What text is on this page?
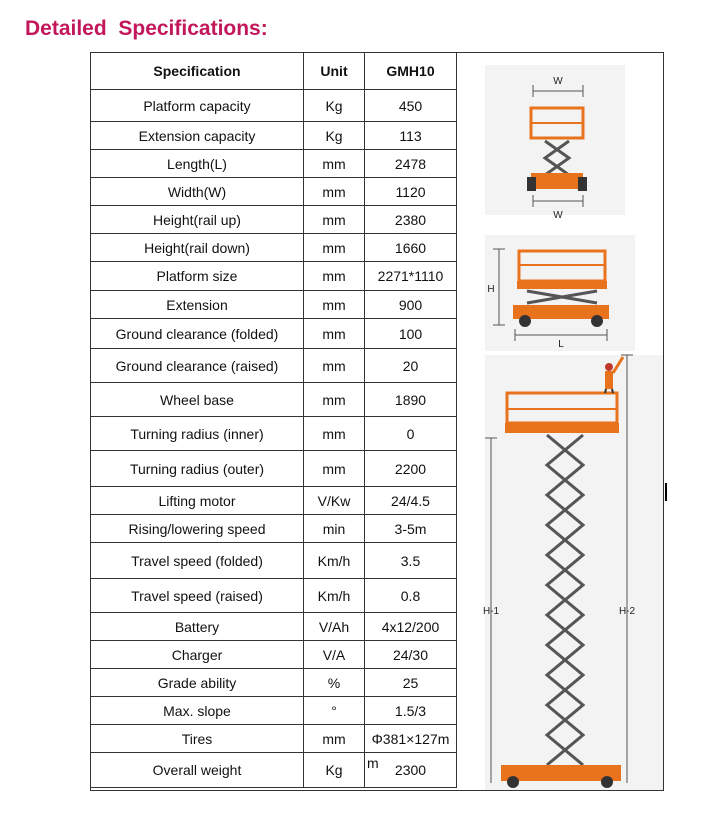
Detailed  Specifications:
Specification	Unit	GMH10
Platform capacity	Kg	450
Extension capacity	Kg	113
Length(L)	mm	2478
Width(W)	mm	1120
Height(rail up)	mm	2380
Height(rail down)	mm	1660
Platform size	mm	2271*1110
Extension	mm	900
Ground clearance (folded)	mm	100
Ground clearance (raised)	mm	20
Wheel base	mm	1890
Turning radius (inner)	mm	0
Turning radius (outer)	mm	2200
Lifting motor	V/Kw	24/4.5
Rising/lowering speed	min	3-5m
Travel speed (folded)	Km/h	3.5
Travel speed (raised)	Km/h	0.8
Battery	V/Ah	4x12/200
Charger	V/A	24/30
Grade ability	%	25
Max. slope	°	1.5/3
Tires	mm	Φ381×127m
Overall weight	Kg	m 2300
W
W
H
L
H-1	H-2
